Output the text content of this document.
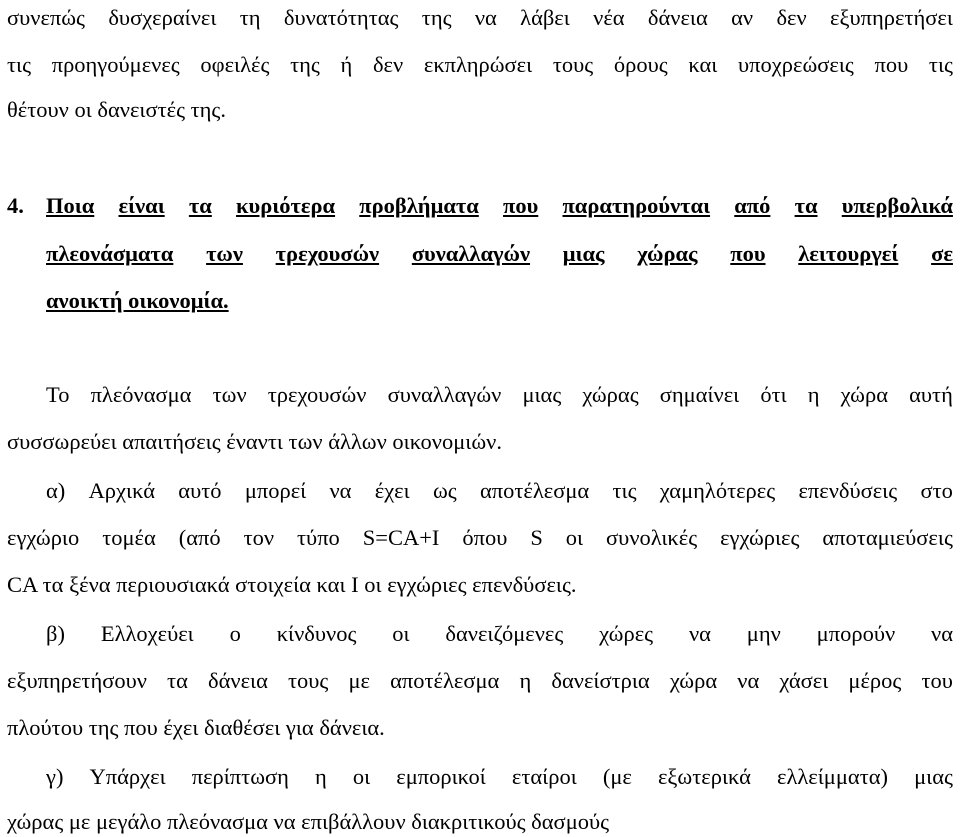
συνεπώς δυσχεραίνει τη δυνατότητας της να λάβει νέα δάνεια αν δεν εξυπηρετήσει
τις προηγούμενες οφειλές της ή δεν εκπληρώσει τους όρους και υποχρεώσεις που τις
θέτουν οι δανειστές της.
4. Ποια είναι τα κυριότερα προβλήματα που παρατηρούνται από τα υπερβολικά
πλεονάσματα των τρεχουσών συναλλαγών μιας χώρας που λειτουργεί σε
ανοικτή οικονομία.
Το πλεόνασμα των τρεχουσών συναλλαγών μιας χώρας σημαίνει ότι η χώρα αυτή
συσσωρεύει απαιτήσεις έναντι των άλλων οικονομιών.
α) Αρχικά αυτό μπορεί να έχει ως αποτέλεσμα τις χαμηλότερες επενδύσεις στο
εγχώριο τομέα (από τον τύπο S=CA+I όπου S οι συνολικές εγχώριες αποταμιεύσεις
CA τα ξένα περιουσιακά στοιχεία και Ι οι εγχώριες επενδύσεις.
β) Ελλοχεύει ο κίνδυνος οι δανειζόμενες χώρες να μην μπορούν να
εξυπηρετήσουν τα δάνεια τους με αποτέλεσμα η δανείστρια χώρα να χάσει μέρος του
πλούτου της που έχει διαθέσει για δάνεια.
γ) Υπάρχει περίπτωση η οι εμπορικοί εταίροι (με εξωτερικά ελλείμματα) μιας
χώρας με μεγάλο πλεόνασμα να επιβάλλουν διακριτικούς δασμούς
